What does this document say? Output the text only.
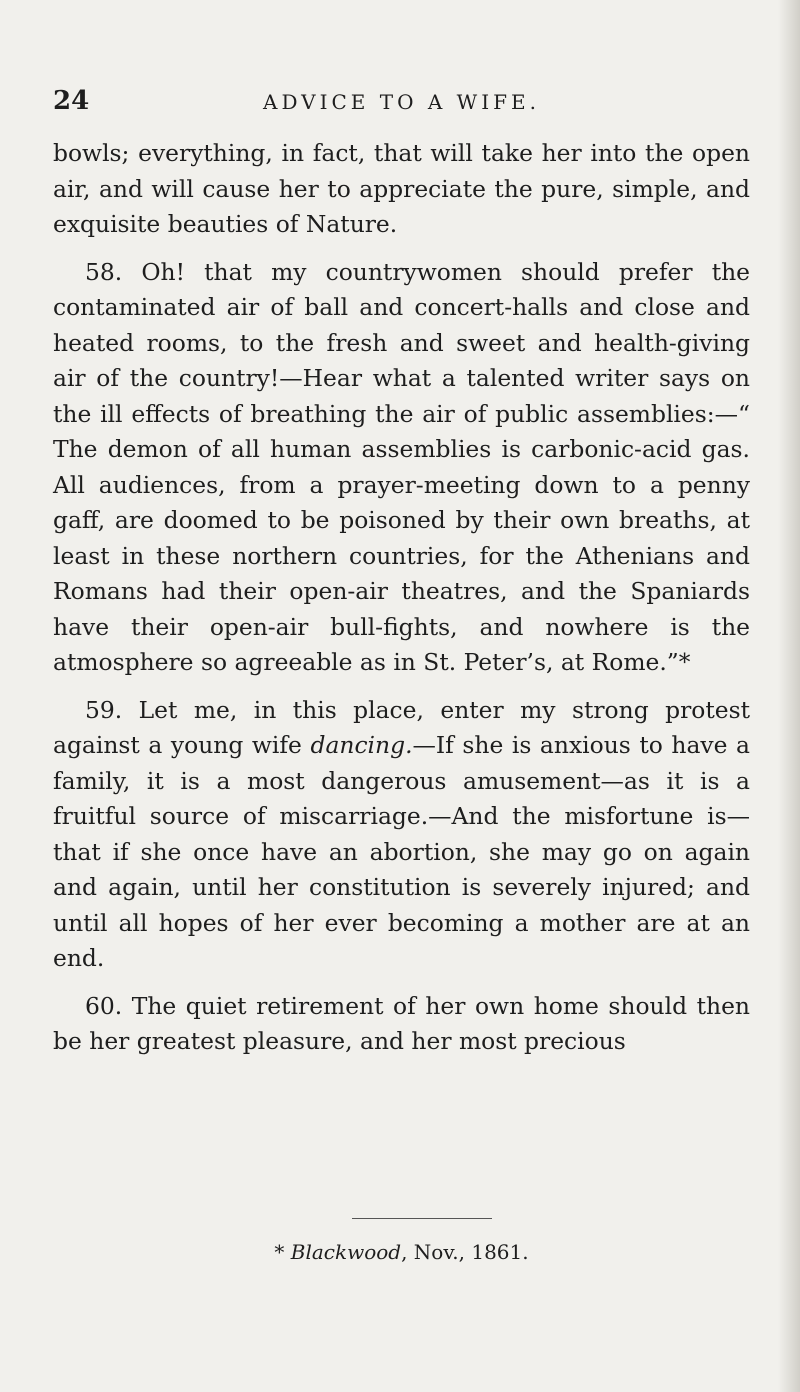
24	ADVICE TO A WIFE.

bowls; everything, in fact, that will take her into the open air, and will cause her to appreciate the pure, simple, and exquisite beauties of Nature.

58. Oh! that my countrywomen should prefer the contaminated air of ball and concert-halls and close and heated rooms, to the fresh and sweet and health-giving air of the country!—Hear what a talented writer says on the ill effects of breathing the air of public assemblies:—“ The demon of all human assemblies is carbonic-acid gas. All audiences, from a prayer-meeting down to a penny gaff, are doomed to be poisoned by their own breaths, at least in these northern countries, for the Athenians and Romans had their open-air theatres, and the Spaniards have their open-air bull-fights, and nowhere is the atmosphere so agreeable as in St. Peter’s, at Rome.”*

59. Let me, in this place, enter my strong protest against a young wife dancing.—If she is anxious to have a family, it is a most dangerous amusement—as it is a fruitful source of miscarriage.—And the misfortune is—that if she once have an abortion, she may go on again and again, until her constitution is severely injured; and until all hopes of her ever becoming a mother are at an end.

60. The quiet retirement of her own home should then be her greatest pleasure, and her most precious

* Blackwood, Nov., 1861.
